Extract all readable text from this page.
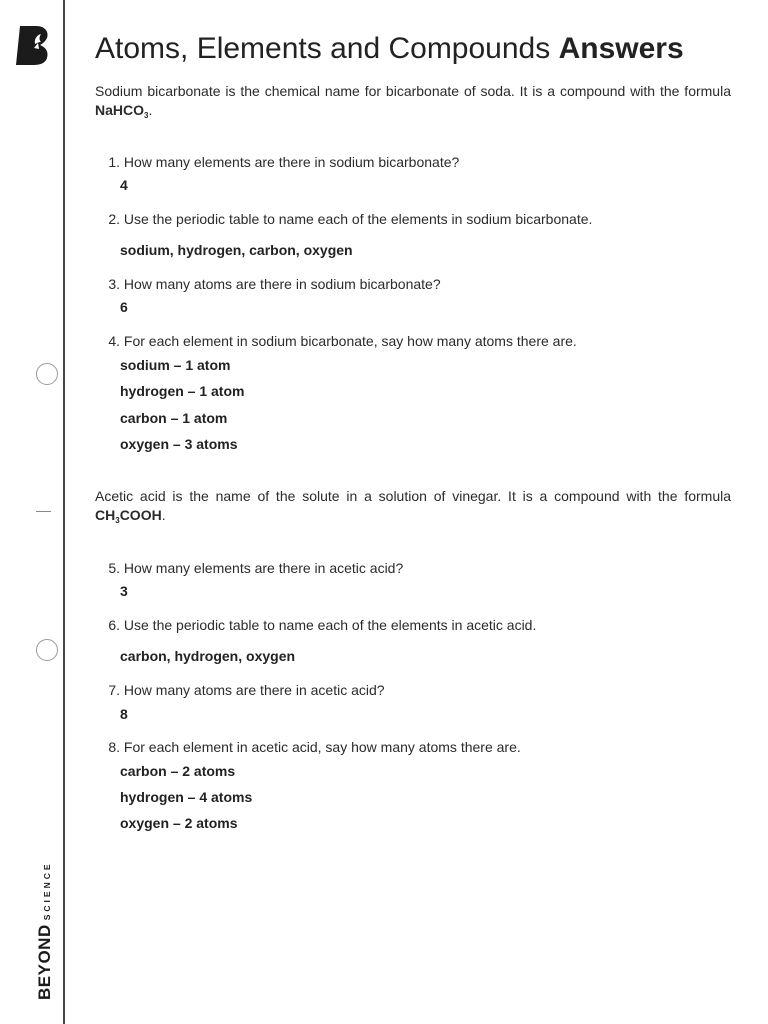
BEYONDSCIENCE
Atoms, Elements and Compounds Answers

Sodium bicarbonate is the chemical name for bicarbonate of soda. It is a compound with the formula NaHCO$_3$.

1. How many elements are there in sodium bicarbonate?
4
2. Use the periodic table to name each of the elements in sodium bicarbonate.
sodium, hydrogen, carbon, oxygen
3. How many atoms are there in sodium bicarbonate?
6
4. For each element in sodium bicarbonate, say how many atoms there are.
sodium – 1 atom
hydrogen – 1 atom
carbon – 1 atom
oxygen – 3 atoms

Acetic acid is the name of the solute in a solution of vinegar. It is a compound with the formula $CH_3COOH$.

5. How many elements are there in acetic acid?
3
6. Use the periodic table to name each of the elements in acetic acid.
carbon, hydrogen, oxygen
7. How many atoms are there in acetic acid?
8
8. For each element in acetic acid, say how many atoms there are.
carbon – 2 atoms
hydrogen – 4 atoms
oxygen – 2 atoms
